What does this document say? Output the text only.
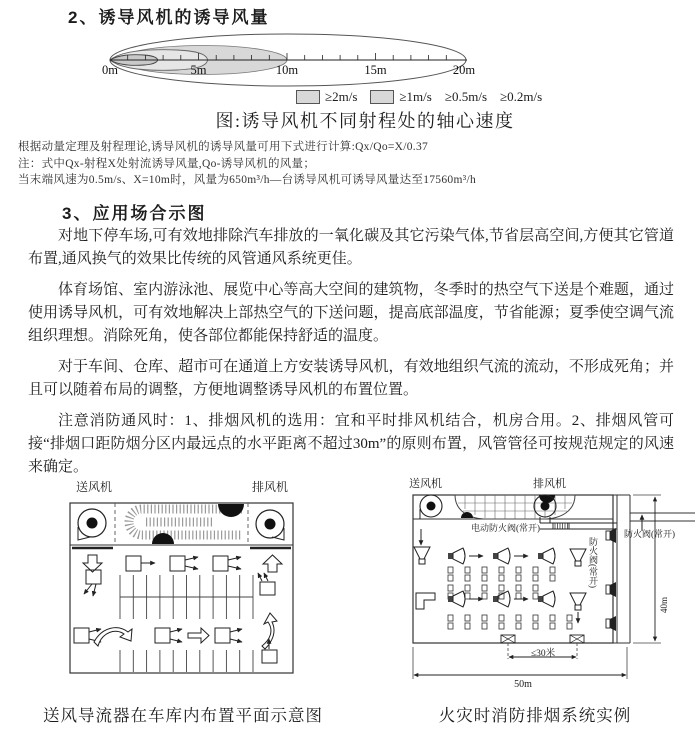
2、诱导风机的诱导风量
0m	5m	10m	15m	20m
≥2m/s	≥1m/s ≥0.5m/s ≥0.2m/s
图:诱导风机不同射程处的轴心速度
根据动量定理及射程理论,诱导风机的诱导风量可用下式进行计算:Qx/Qo=X/0.37
注：式中Qx-射程X处射流诱导风量,Qo-诱导风机的风量；
当末端风速为0.5m/s、X=10m时，风量为650m³/h—台诱导风机可诱导风量达至17560m³/h
3、应用场合示图

对地下停车场,可有效地排除汽车排放的一氧化碳及其它污染气体,节省层高空间,方便其它管道布置,通风换气的效果比传统的风管通风系统更佳。

体育场馆、室内游泳池、展览中心等高大空间的建筑物，冬季时的热空气下送是个难题，通过使用诱导风机，可有效地解决上部热空气的下送问题，提高底部温度，节省能源；夏季使空调气流组织理想。消除死角，使各部位都能保持舒适的温度。

对于车间、仓库、超市可在通道上方安装诱导风机，有效地组织气流的流动，不形成死角；并且可以随着布局的调整，方便地调整诱导风机的布置位置。

注意消防通风时：1、排烟风机的选用：宜和平时排风机结合，机房合用。2、排烟风管可接“排烟口距防烟分区内最远点的水平距离不超过30m”的原则布置，风管管径可按规范规定的风速来确定。

送风机	排风机	送风机	排风机
电动防火阀(常开)
防火阀(常开)
防火阀(常开)
40m
≤30米
50m
送风导流器在车库内布置平面示意图	火灾时消防排烟系统实例
